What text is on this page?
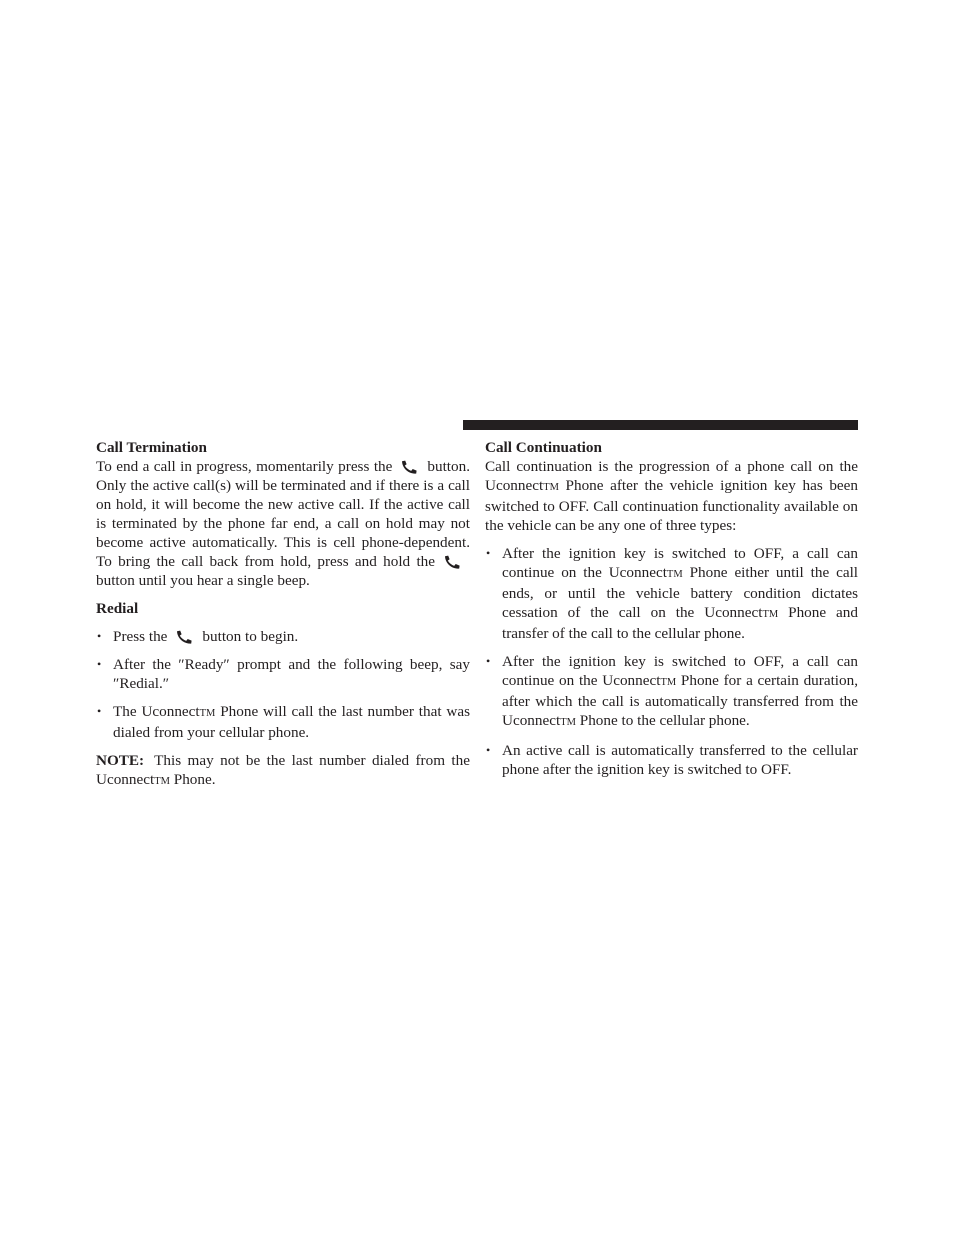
Call Termination

To end a call in progress, momentarily press the button. Only the active call(s) will be terminated and if there is a call on hold, it will become the new active call. If the active call is terminated by the phone far end, a call on hold may not become active automatically. This is cell phone-dependent. To bring the call back from hold, press and hold the
button until you hear a single beep.

Redial

• Press the button to begin.
• After the ″Ready″ prompt and the following beep, say ″Redial.″
• The UconnectTM Phone will call the last number that was dialed from your cellular phone.

NOTE: This may not be the last number dialed from the UconnectTM Phone.

Call Continuation

Call continuation is the progression of a phone call on the UconnectTM Phone after the vehicle ignition key has been switched to OFF. Call continuation functionality available on the vehicle can be any one of three types:

• After the ignition key is switched to OFF, a call can continue on the UconnectTM Phone either until the call ends, or until the vehicle battery condition dictates cessation of the call on the UconnectTM Phone and transfer of the call to the cellular phone.
• After the ignition key is switched to OFF, a call can continue on the UconnectTM Phone for a certain duration, after which the call is automatically transferred from the UconnectTM Phone to the cellular phone.
• An active call is automatically transferred to the cellular phone after the ignition key is switched to OFF.
